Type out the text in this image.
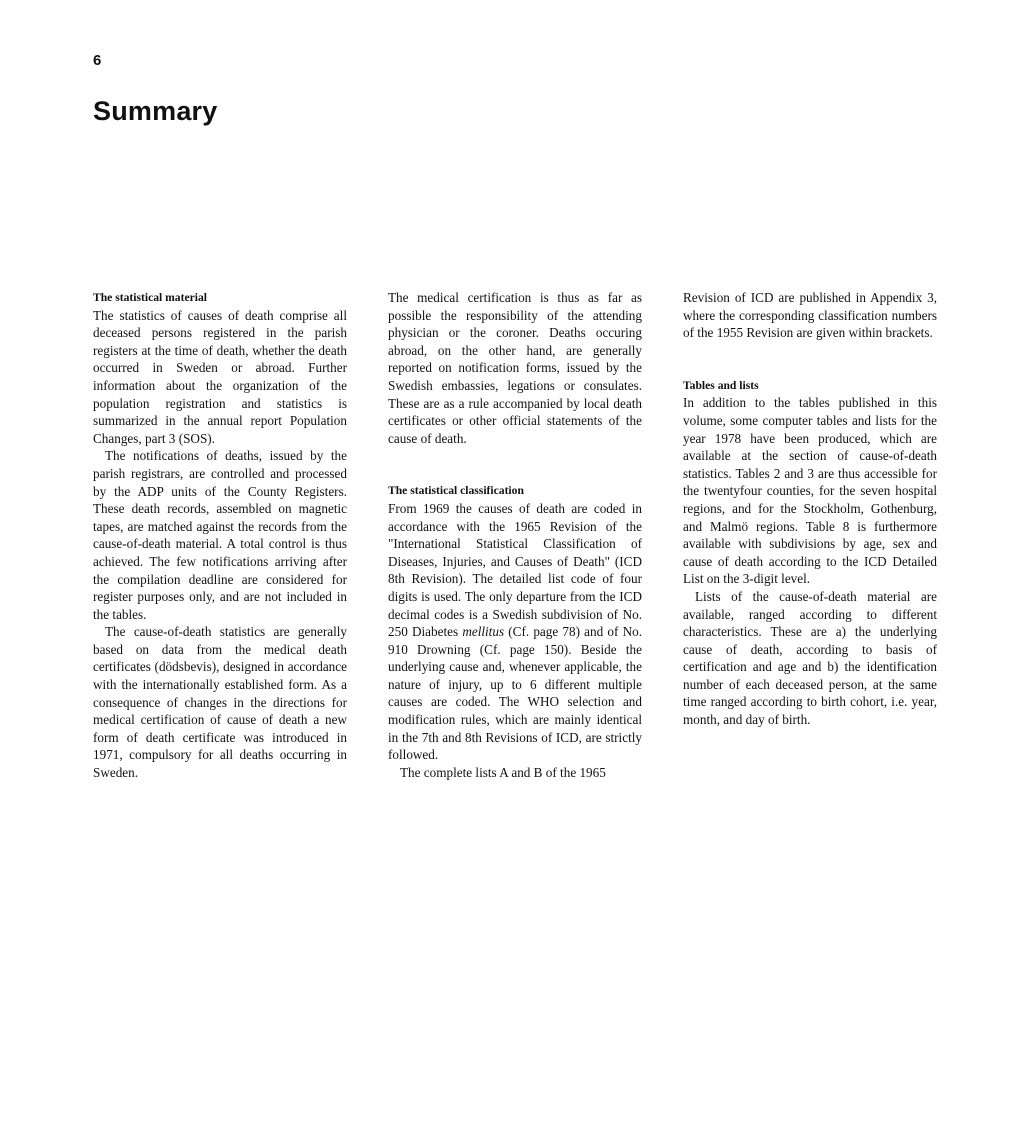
6
Summary

The statistical material

The statistics of causes of death comprise all deceased persons registered in the parish registers at the time of death, whether the death occurred in Sweden or abroad. Further information about the organization of the population registration and statistics is summarized in the annual report Population Changes, part 3 (SOS).

The notifications of deaths, issued by the parish registrars, are controlled and processed by the ADP units of the County Registers. These death records, assembled on magnetic tapes, are matched against the records from the cause-of-death material. A total control is thus achieved. The few notifications arriving after the compilation deadline are considered for register purposes only, and are not included in the tables.

The cause-of-death statistics are generally based on data from the medical death certificates (dödsbevis), designed in accordance with the internationally established form. As a consequence of changes in the directions for medical certification of cause of death a new form of death certificate was introduced in 1971, compulsory for all deaths occurring in Sweden.

The medical certification is thus as far as possible the responsibility of the attending physician or the coroner. Deaths occuring abroad, on the other hand, are generally reported on notification forms, issued by the Swedish embassies, legations or consulates. These are as a rule accompanied by local death certificates or other official statements of the cause of death.

The statistical classification

From 1969 the causes of death are coded in accordance with the 1965 Revision of the "International Statistical Classification of Diseases, Injuries, and Causes of Death" (ICD 8th Revision). The detailed list code of four digits is used. The only departure from the ICD decimal codes is a Swedish subdivision of No. 250 Diabetes mellitus (Cf. page 78) and of No. 910 Drowning (Cf. page 150). Beside the underlying cause and, whenever applicable, the nature of injury, up to 6 different multiple causes are coded. The WHO selection and modification rules, which are mainly identical in the 7th and 8th Revisions of ICD, are strictly followed.

The complete lists A and B of the 1965

Revision of ICD are published in Appendix 3, where the corresponding classification numbers of the 1955 Revision are given within brackets.

Tables and lists

In addition to the tables published in this volume, some computer tables and lists for the year 1978 have been produced, which are available at the section of cause-of-death statistics. Tables 2 and 3 are thus accessible for the twentyfour counties, for the seven hospital regions, and for the Stockholm, Gothenburg, and Malmö regions. Table 8 is furthermore available with subdivisions by age, sex and cause of death according to the ICD Detailed List on the 3-digit level.

Lists of the cause-of-death material are available, ranged according to different characteristics. These are a) the underlying cause of death, according to basis of certification and age and b) the identification number of each deceased person, at the same time ranged according to birth cohort, i.e. year, month, and day of birth.
